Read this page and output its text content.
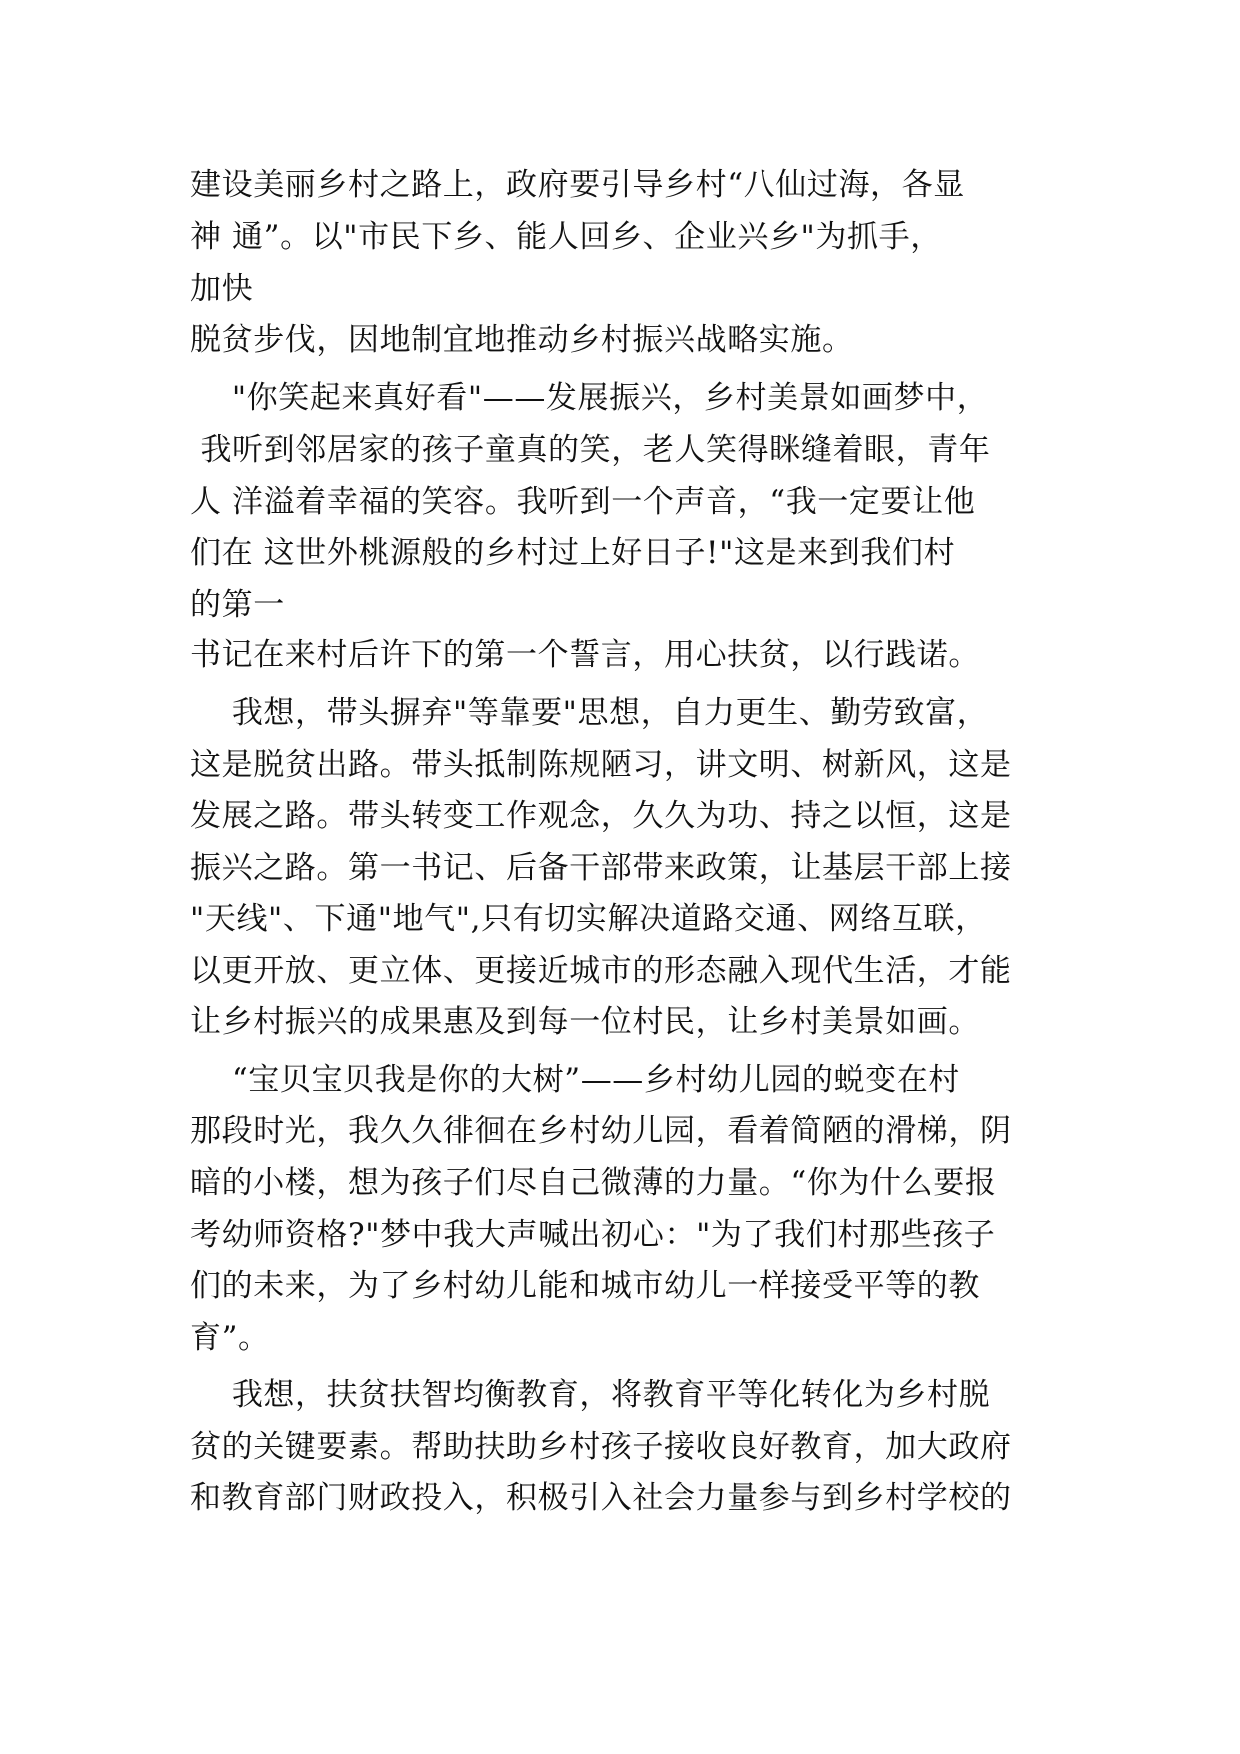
建设美丽乡村之路上，政府要引导乡村“八仙过海，各显
神 通”。以"市民下乡、能人回乡、企业兴乡"为抓手，
加快
脱贫步伐，因地制宜地推动乡村振兴战略实施。
"你笑起来真好看"——发展振兴，乡村美景如画梦中，
我听到邻居家的孩子童真的笑，老人笑得眯缝着眼，青年
人 洋溢着幸福的笑容。我听到一个声音，“我一定要让他
们在 这世外桃源般的乡村过上好日子!"这是来到我们村
的第一
书记在来村后许下的第一个誓言，用心扶贫，以行践诺。
我想，带头摒弃"等靠要"思想，自力更生、勤劳致富，
这是脱贫出路。带头抵制陈规陋习，讲文明、树新风，这是
发展之路。带头转变工作观念，久久为功、持之以恒，这是
振兴之路。第一书记、后备干部带来政策，让基层干部上接
"天线"、下通"地气",只有切实解决道路交通、网络互联，
以更开放、更立体、更接近城市的形态融入现代生活，才能
让乡村振兴的成果惠及到每一位村民，让乡村美景如画。
“宝贝宝贝我是你的大树”——乡村幼儿园的蜕变在村
那段时光，我久久徘徊在乡村幼儿园，看着简陋的滑梯，阴
暗的小楼，想为孩子们尽自己微薄的力量。“你为什么要报
考幼师资格?"梦中我大声喊出初心："为了我们村那些孩子
们的未来，为了乡村幼儿能和城市幼儿一样接受平等的教
育”。
我想，扶贫扶智均衡教育，将教育平等化转化为乡村脱
贫的关键要素。帮助扶助乡村孩子接收良好教育，加大政府
和教育部门财政投入，积极引入社会力量参与到乡村学校的
